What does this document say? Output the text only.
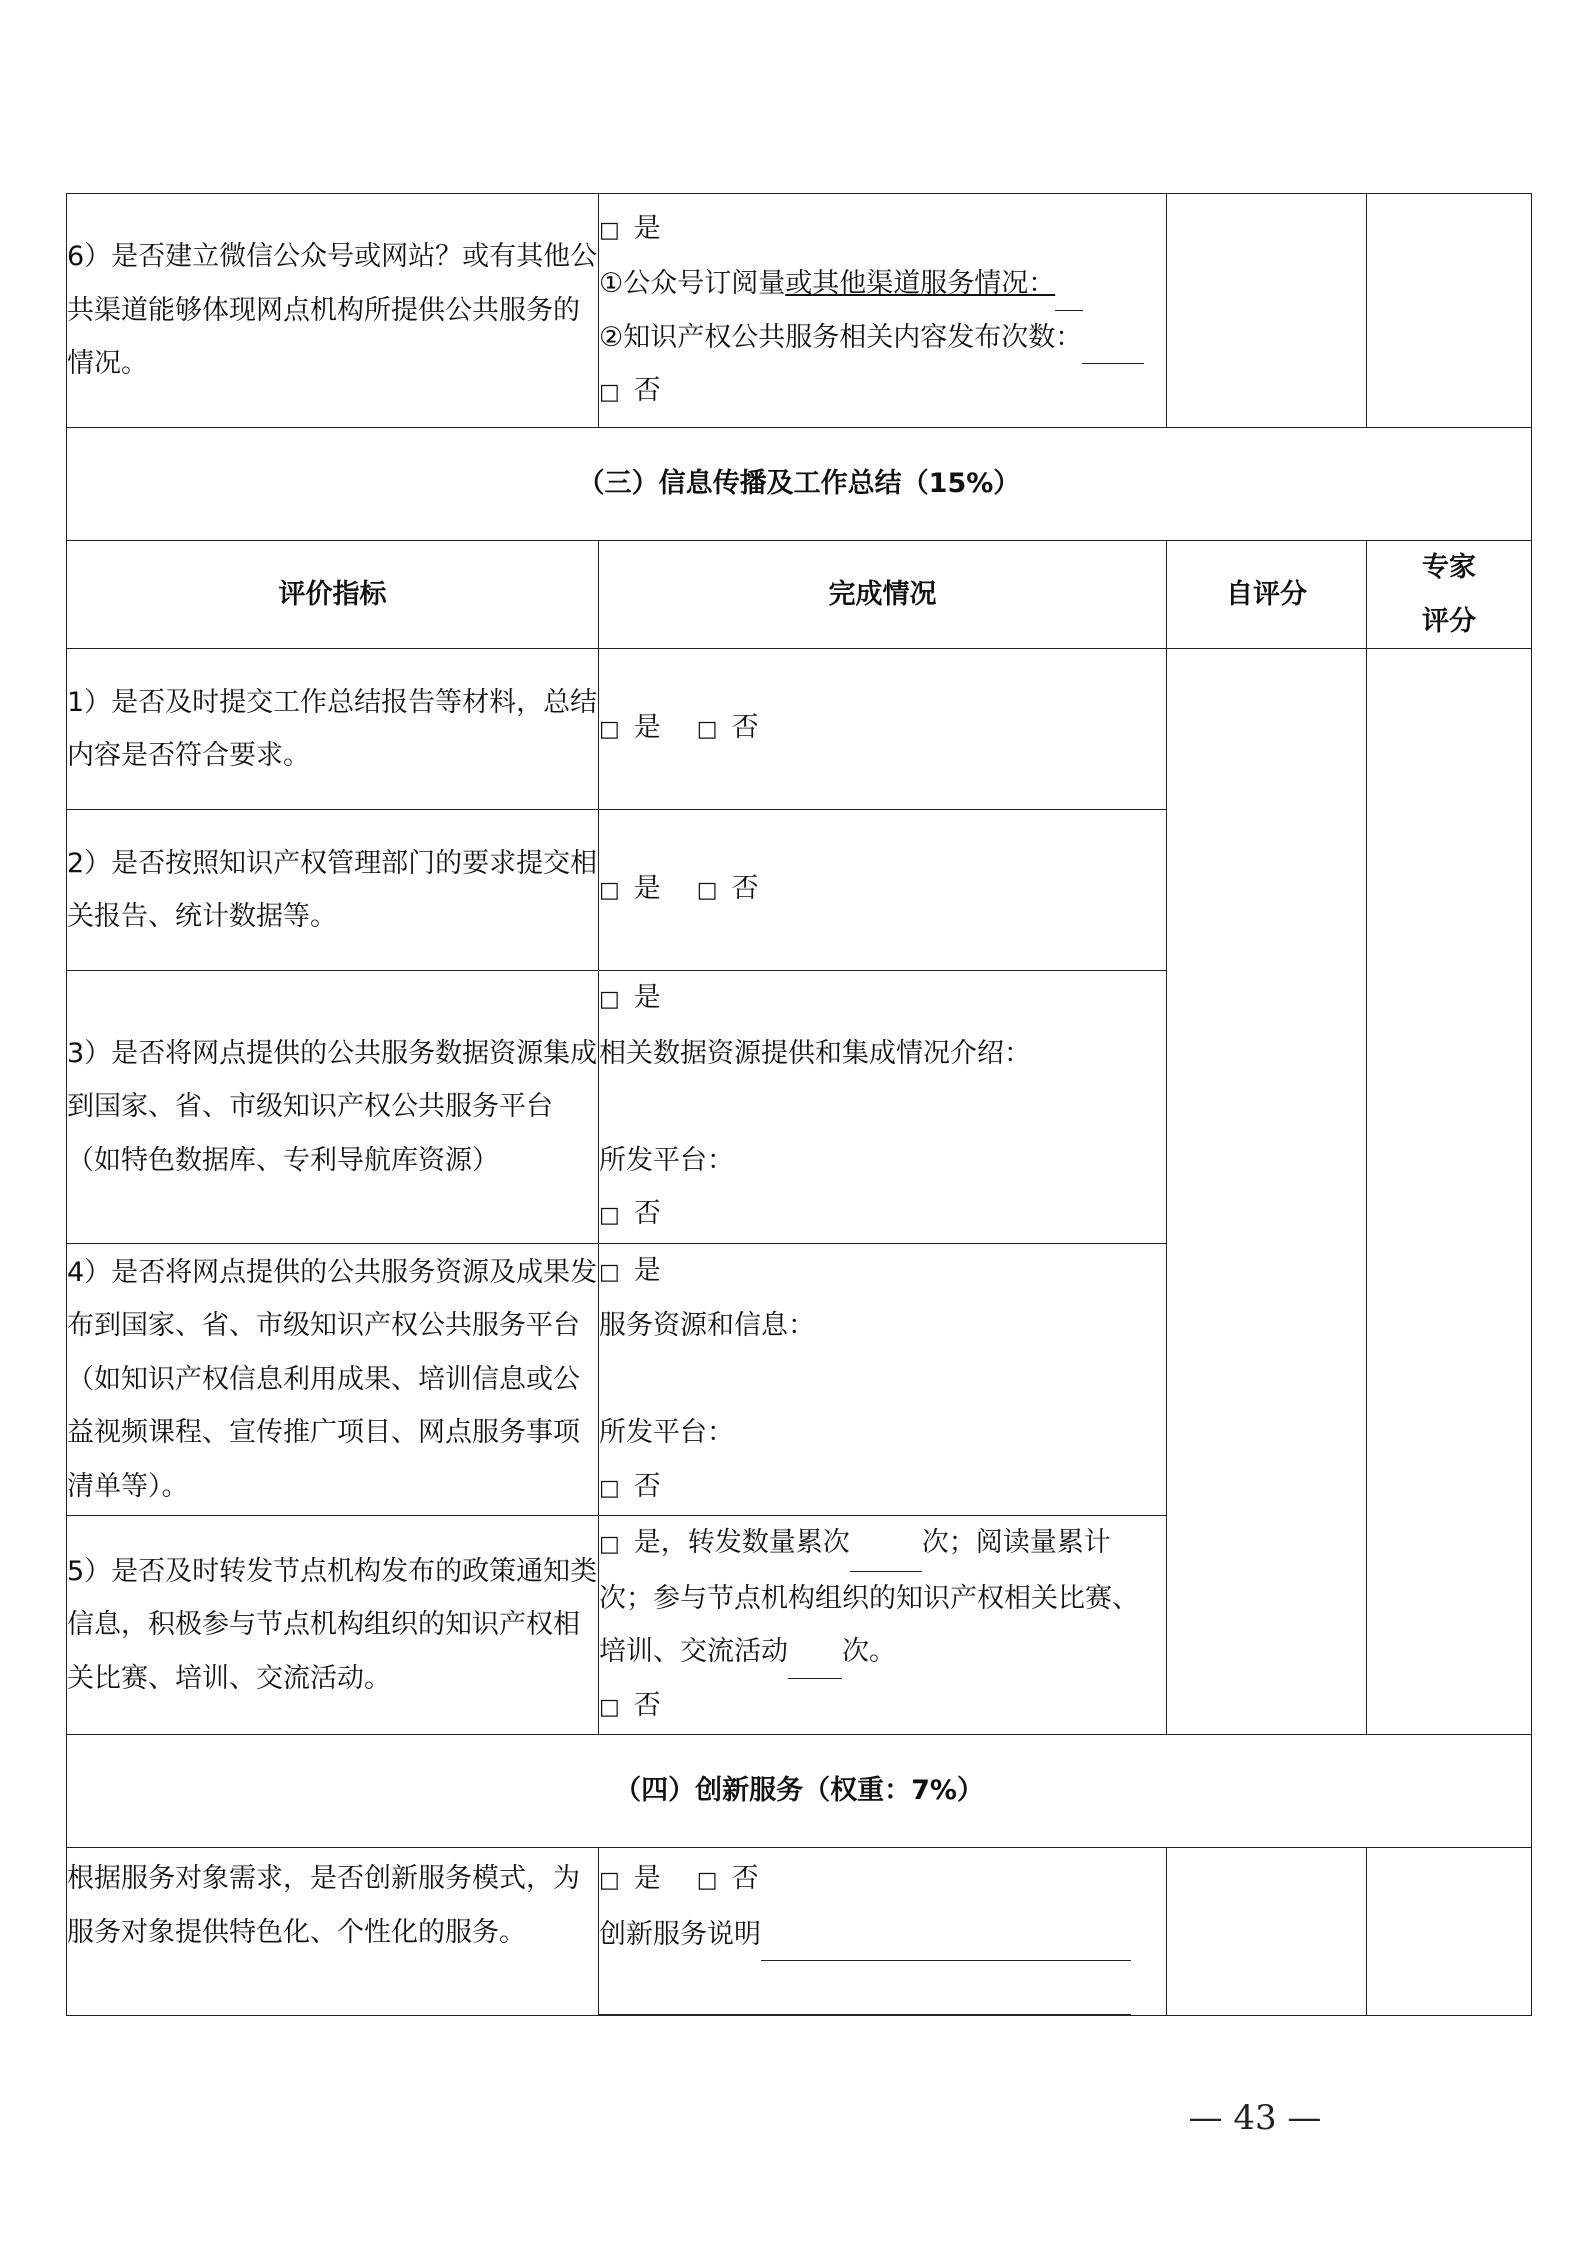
6）是否建立微信公众号或网站？或有其他公共渠道能够体现网点机构所提供公共服务的情况。	□ 是
①公众号订阅量或其他渠道服务情况：
②知识产权公共服务相关内容发布次数：
□ 否		

（三）信息传播及工作总结（15%）			
评价指标	完成情况	自评分	专家
评分

1）是否及时提交工作总结报告等材料，总结内容是否符合要求。	□ 是 □ 否		

2）是否按照知识产权管理部门的要求提交相关报告、统计数据等。	□ 是 □ 否		

3）是否将网点提供的公共服务数据资源集成到国家、省、市级知识产权公共服务平台（如特色数据库、专利导航库资源）	□ 是
相关数据资源提供和集成情况介绍：

所发平台：
□ 否		

4）是否将网点提供的公共服务资源及成果发布到国家、省、市级知识产权公共服务平台（如知识产权信息利用成果、培训信息或公益视频课程、宣传推广项目、网点服务事项清单等）。	□ 是
服务资源和信息：

所发平台：
□ 否		

5）是否及时转发节点机构发布的政策通知类信息，积极参与节点机构组织的知识产权相关比赛、培训、交流活动。	□ 是，转发数量累次 次；阅读量累计
次；参与节点机构组织的知识产权相关比赛、
培训、交流活动 次。
□ 否		

（四）创新服务（权重：7%）			
根据服务对象需求，是否创新服务模式，为服务对象提供特色化、个性化的服务。	□ 是 □ 否
创新服务说明		

— 43 —
